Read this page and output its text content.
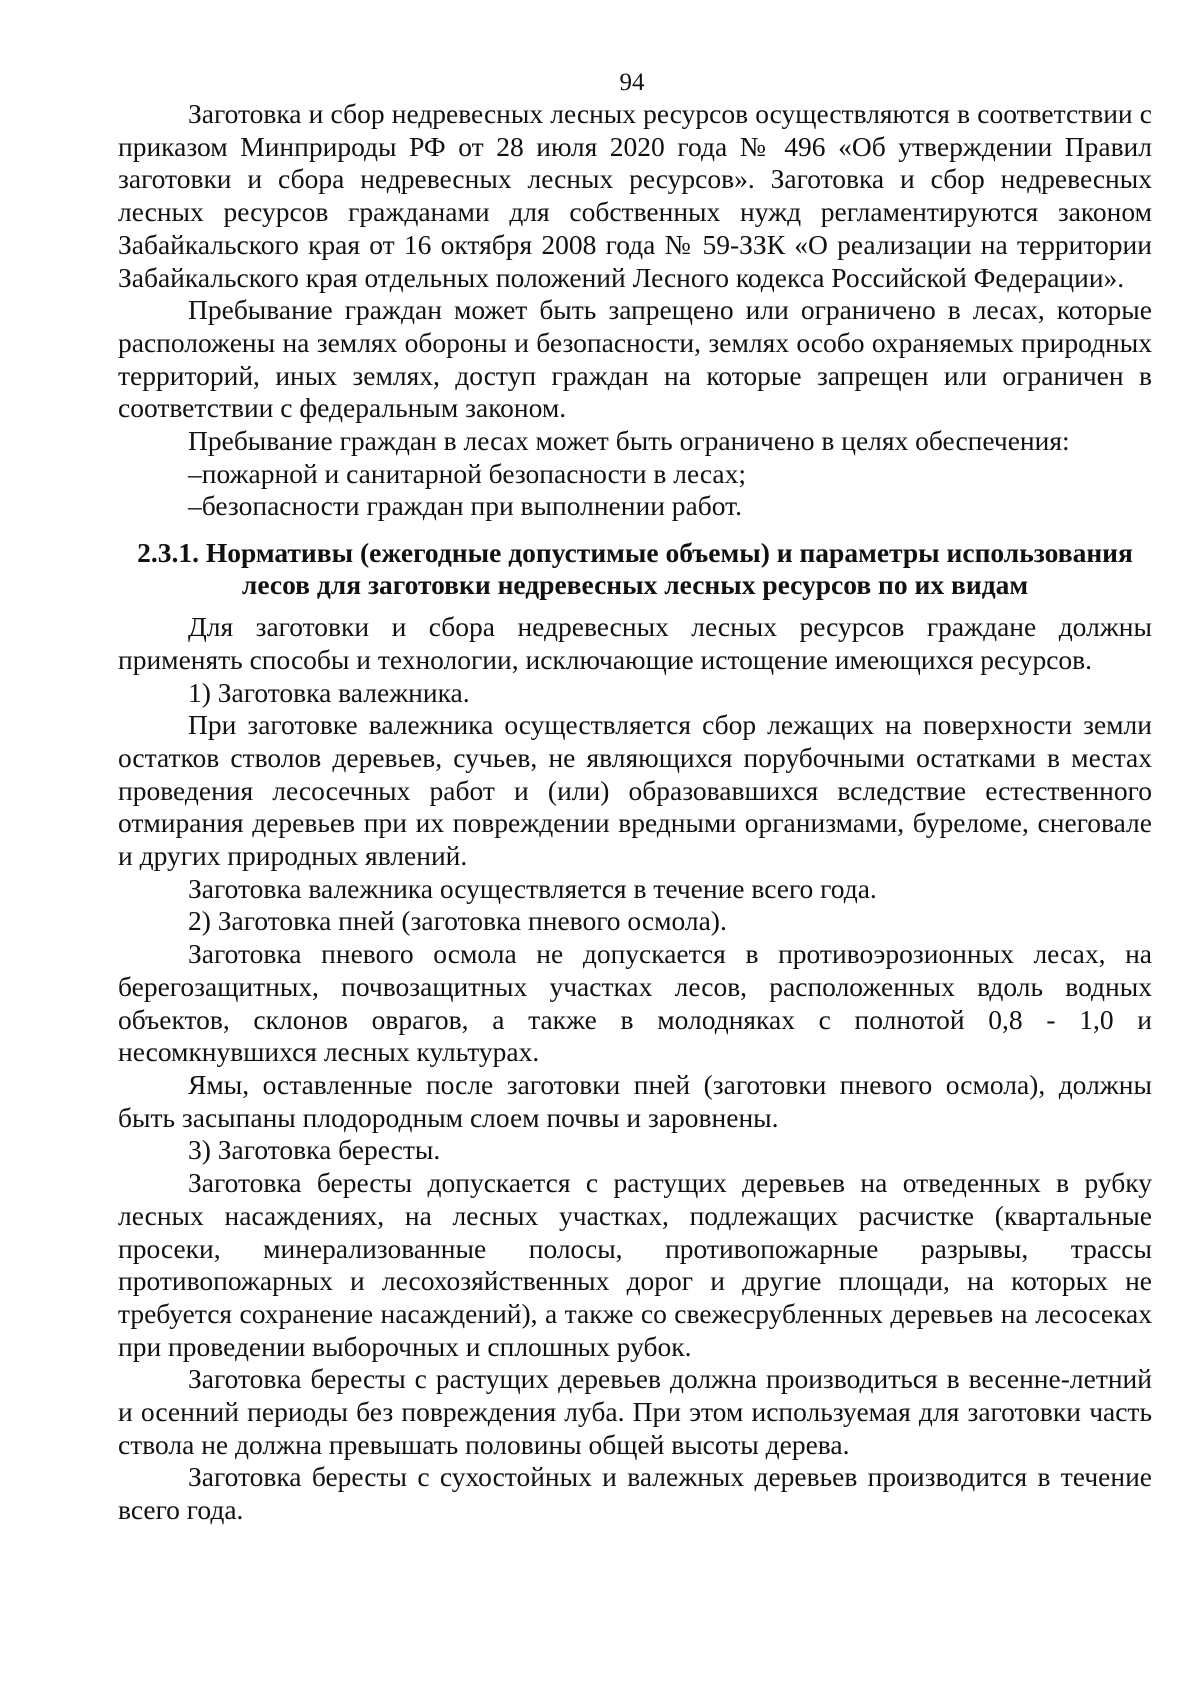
94

Заготовка и сбор недревесных лесных ресурсов осуществляются в соответствии с приказом Минприроды РФ от 28 июля 2020 года № 496 «Об утверждении Правил заготовки и сбора недревесных лесных ресурсов». Заготовка и сбор недревесных лесных ресурсов гражданами для собственных нужд регламентируются законом Забайкальского края от 16 октября 2008 года № 59-ЗЗК «О реализации на территории Забайкальского края отдельных положений Лесного кодекса Российской Федерации».

Пребывание граждан может быть запрещено или ограничено в лесах, которые расположены на землях обороны и безопасности, землях особо охраняемых природных территорий, иных землях, доступ граждан на которые запрещен или ограничен в соответствии с федеральным законом.

Пребывание граждан в лесах может быть ограничено в целях обеспечения:

–пожарной и санитарной безопасности в лесах;

–безопасности граждан при выполнении работ.

2.3.1. Нормативы (ежегодные допустимые объемы) и параметры использования
лесов для заготовки недревесных лесных ресурсов по их видам

Для заготовки и сбора недревесных лесных ресурсов граждане должны применять способы и технологии, исключающие истощение имеющихся ресурсов.

1) Заготовка валежника.

При заготовке валежника осуществляется сбор лежащих на поверхности земли остатков стволов деревьев, сучьев, не являющихся порубочными остатками в местах проведения лесосечных работ и (или) образовавшихся вследствие естественного отмирания деревьев при их повреждении вредными организмами, буреломе, снеговале и других природных явлений.

Заготовка валежника осуществляется в течение всего года.

2) Заготовка пней (заготовка пневого осмола).

Заготовка пневого осмола не допускается в противоэрозионных лесах, на берегозащитных, почвозащитных участках лесов, расположенных вдоль водных объектов, склонов оврагов, а также в молодняках с полнотой 0,8 - 1,0 и несомкнувшихся лесных культурах.

Ямы, оставленные после заготовки пней (заготовки пневого осмола), должны быть засыпаны плодородным слоем почвы и заровнены.

3) Заготовка бересты.

Заготовка бересты допускается с растущих деревьев на отведенных в рубку лесных насаждениях, на лесных участках, подлежащих расчистке (квартальные просеки, минерализованные полосы, противопожарные разрывы, трассы противопожарных и лесохозяйственных дорог и другие площади, на которых не требуется сохранение насаждений), а также со свежесрубленных деревьев на лесосеках при проведении выборочных и сплошных рубок.

Заготовка бересты с растущих деревьев должна производиться в весенне-летний и осенний периоды без повреждения луба. При этом используемая для заготовки часть ствола не должна превышать половины общей высоты дерева.

Заготовка бересты с сухостойных и валежных деревьев производится в течение всего года.
